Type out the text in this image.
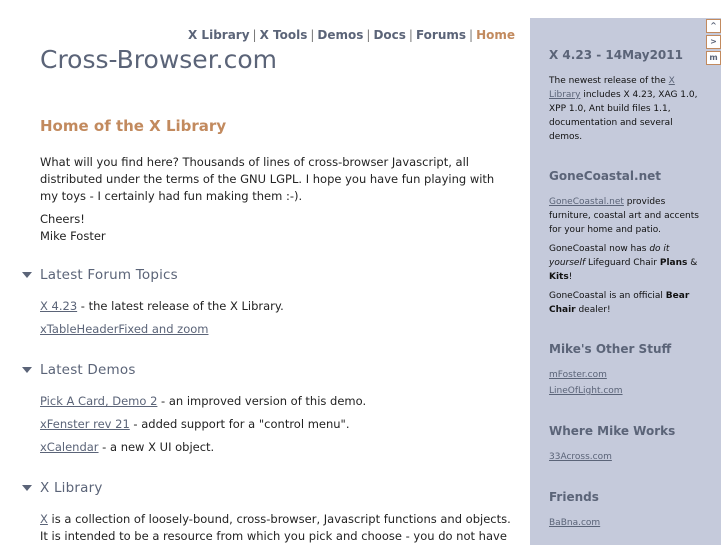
X Library | X Tools | Demos | Docs | Forums | Home
Cross-Browser.com
Home of the X Library

What will you find here? Thousands of lines of cross-browser Javascript, all distributed under the terms of the GNU LGPL. I hope you have fun playing with my toys - I certainly had fun making them :-).

Cheers!
Mike Foster

Latest Forum Topics

X 4.23 - the latest release of the X Library.

xTableHeaderFixed and zoom

Latest Demos

Pick A Card, Demo 2 - an improved version of this demo.

xFenster rev 21 - added support for a "control menu".

xCalendar - a new X UI object.

X Library

X is a collection of loosely-bound, cross-browser, Javascript functions and objects. It is intended to be a resource from which you pick and choose - you do not have

X 4.23 - 14May2011

The newest release of the X Library includes X 4.23, XAG 1.0, XPP 1.0, Ant build files 1.1, documentation and several demos.

GoneCoastal.net

GoneCoastal.net provides furniture, coastal art and accents for your home and patio.

GoneCoastal now has do it yourself Lifeguard Chair Plans & Kits!

GoneCoastal is an official Bear Chair dealer!

Mike's Other Stuff

mFoster.com

LineOfLight.com

Where Mike Works

33Across.com

Friends

BaBna.com

^
>
m
